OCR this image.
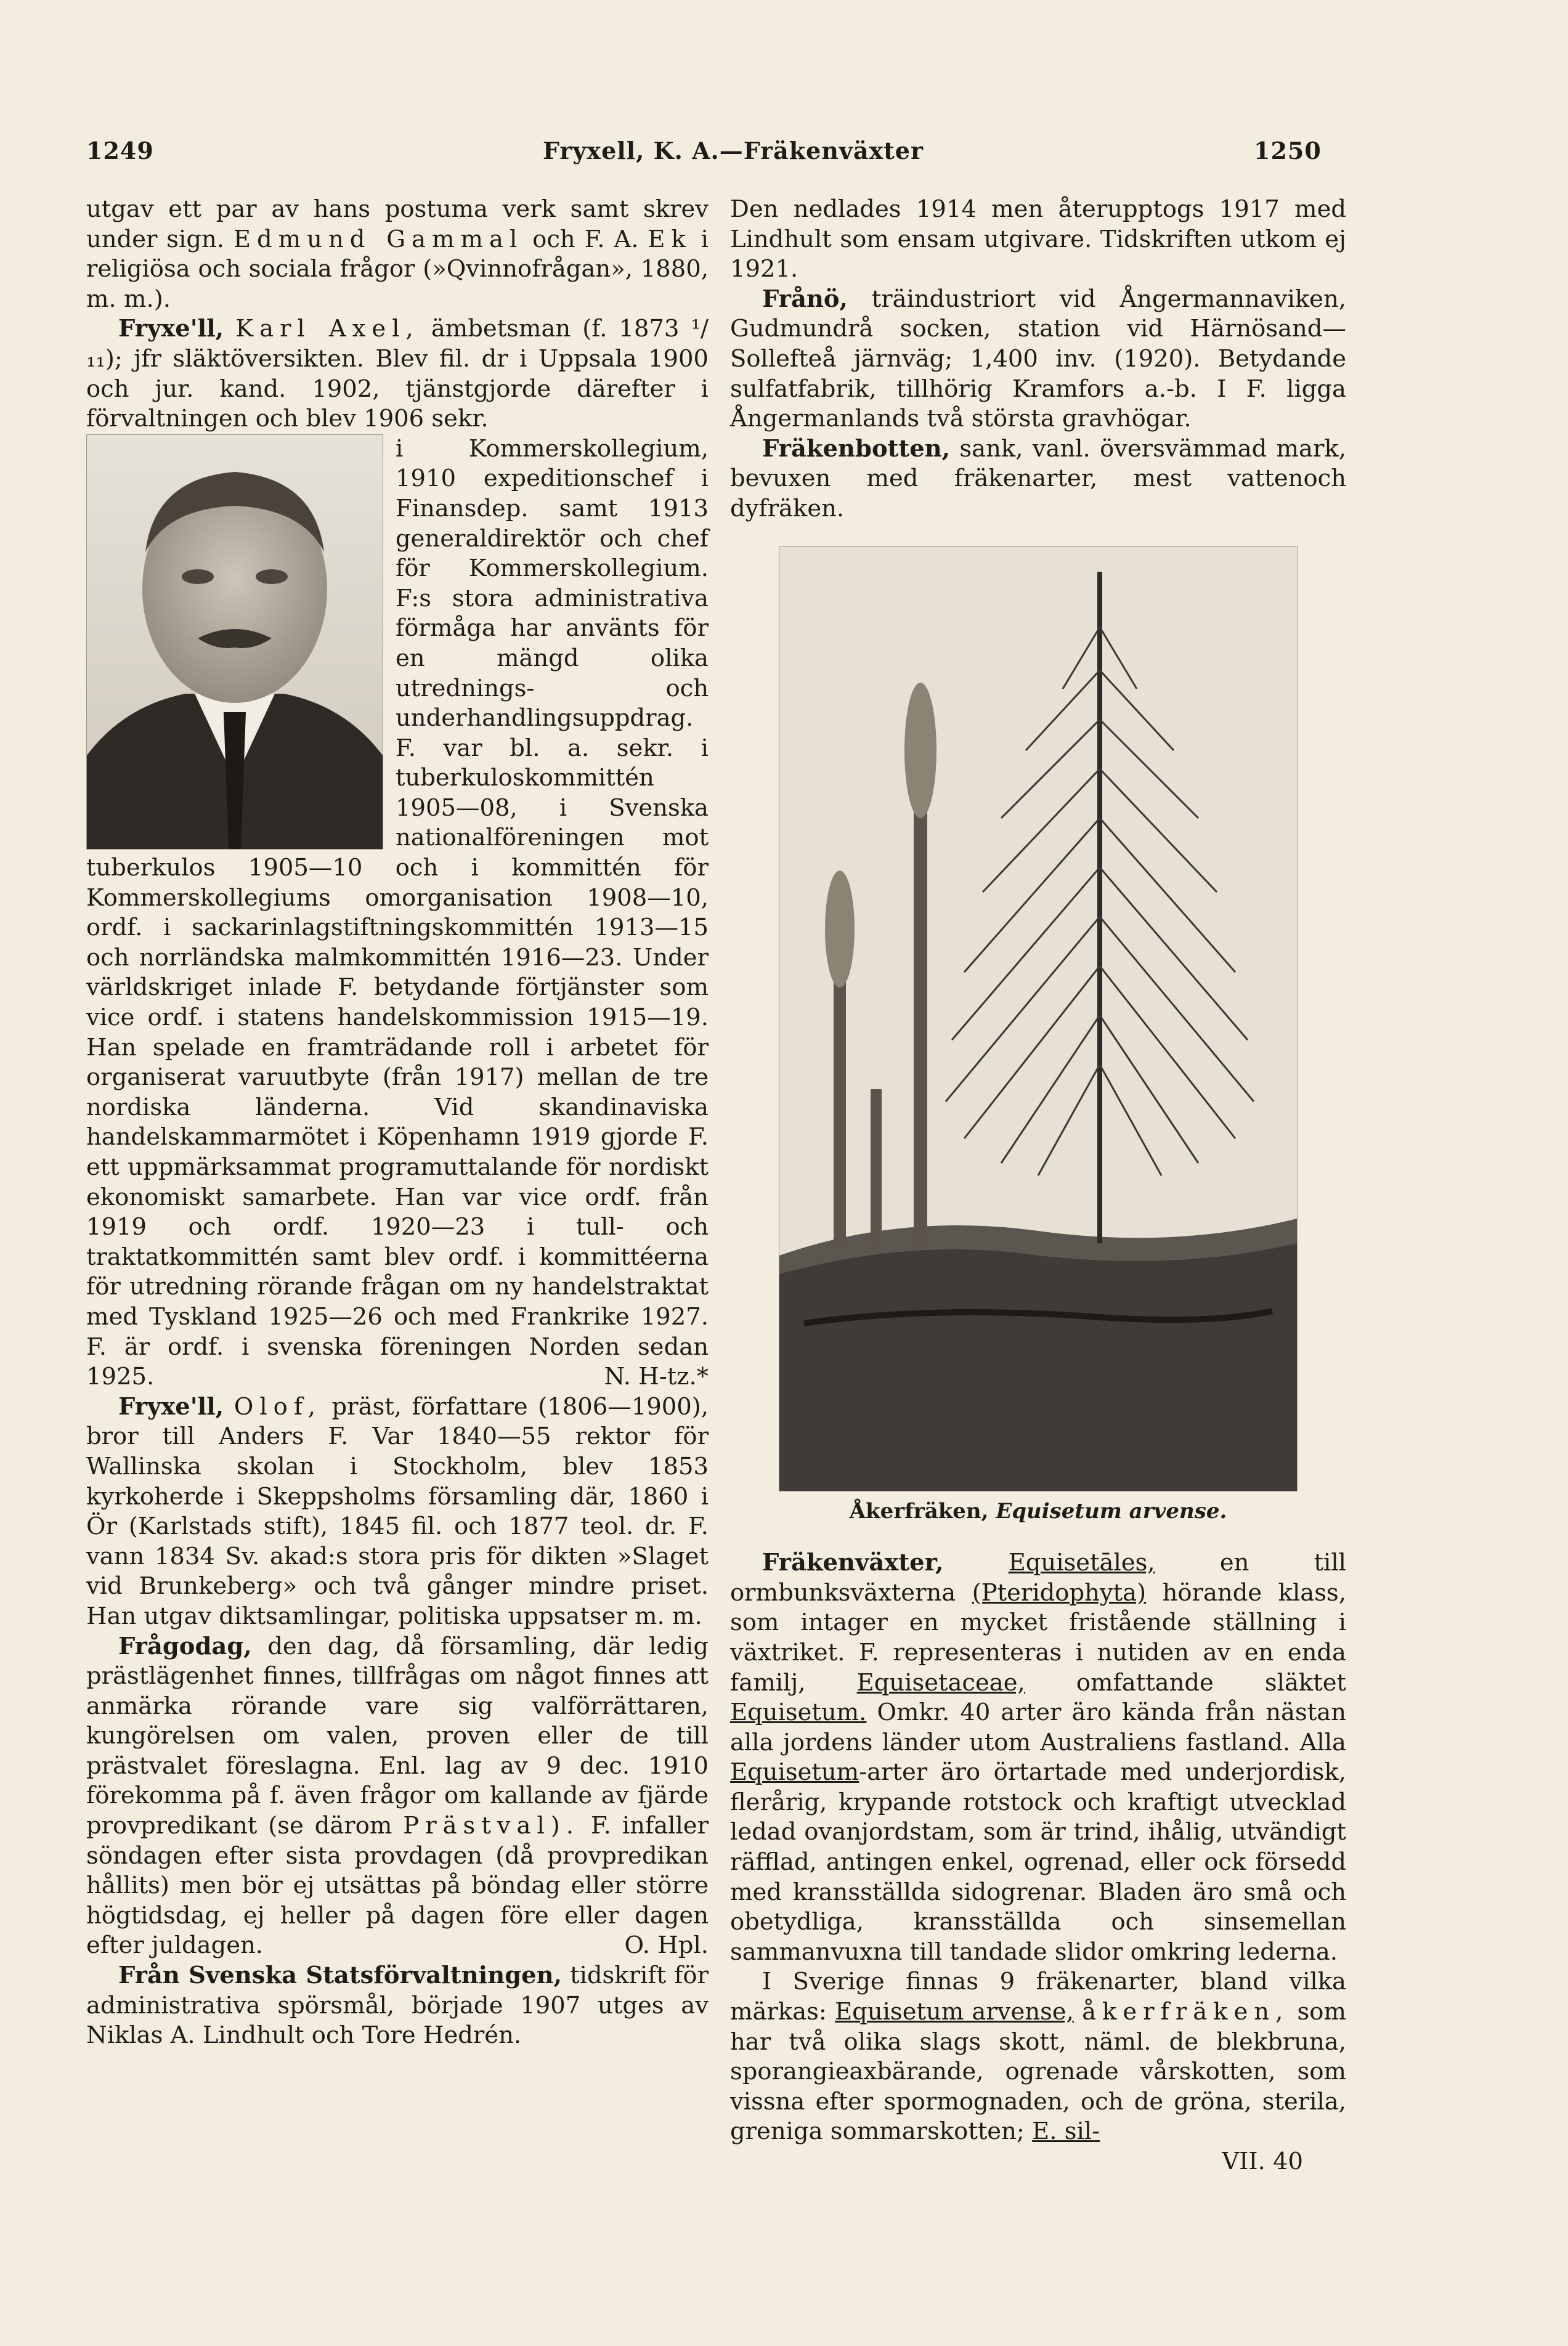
1249	Fryxell, K. A.—Fräkenväxter	1250

utgav ett par av hans postuma verk samt skrev under sign. Edmund Gammal och F. A. Ek i religiösa och sociala frågor (»Qvinnofrågan», 1880, m. m.).

Fryxe'll, Karl Axel, ämbetsman (f. 1873 ¹/₁₁); jfr släktöversikten. Blev fil. dr i Uppsala 1900 och jur. kand. 1902, tjänstgjorde därefter i förvaltningen och blev 1906 sekr.

i Kommerskollegium, 1910 expeditionschef i Finansdep. samt 1913 generaldirektör och chef för Kommerskollegium. F:s stora administrativa förmåga har använts för en mängd olika utrednings- och underhandlingsuppdrag. F. var bl. a. sekr. i tuberkuloskommittén 1905—08, i Svenska nationalföreningen mot tuberkulos 1905—10 och i kommittén för Kommerskollegiums omorganisation 1908—10, ordf. i sackarinlagstiftningskommittén 1913—15 och norrländska malmkommittén 1916—23. Under världskriget inlade F. betydande förtjänster som vice ordf. i statens handelskommission 1915—19. Han spelade en framträdande roll i arbetet för organiserat varuutbyte (från 1917) mellan de tre nordiska länderna. Vid skandinaviska handelskammarmötet i Köpenhamn 1919 gjorde F. ett uppmärksammat programuttalande för nordiskt ekonomiskt samarbete. Han var vice ordf. från 1919 och ordf. 1920—23 i tull- och traktatkommittén samt blev ordf. i kommittéerna för utredning rörande frågan om ny handelstraktat med Tyskland 1925—26 och med Frankrike 1927. F. är ordf. i svenska föreningen Norden sedan 1925.	N. H-tz.*

Fryxe'll, Olof, präst, författare (1806—1900), bror till Anders F. Var 1840—55 rektor för Wallinska skolan i Stockholm, blev 1853 kyrkoherde i Skeppsholms församling där, 1860 i Ör (Karlstads stift), 1845 fil. och 1877 teol. dr. F. vann 1834 Sv. akad:s stora pris för dikten »Slaget vid Brunkeberg» och två gånger mindre priset. Han utgav diktsamlingar, politiska uppsatser m. m.

Frågodag, den dag, då församling, där ledig prästlägenhet finnes, tillfrågas om något finnes att anmärka rörande vare sig valförrättaren, kungörelsen om valen, proven eller de till prästvalet föreslagna. Enl. lag av 9 dec. 1910 förekomma på f. även frågor om kallande av fjärde provpredikant (se därom Prästval). F. infaller söndagen efter sista provdagen (då provpredikan hållits) men bör ej utsättas på böndag eller större högtidsdag, ej heller på dagen före eller dagen efter juldagen.	O. Hpl.

Från Svenska Statsförvaltningen, tidskrift för administrativa spörsmål, började 1907 utges av Niklas A. Lindhult och Tore Hedrén.

Den nedlades 1914 men återupptogs 1917 med Lindhult som ensam utgivare. Tidskriften utkom ej 1921.

Frånö, träindustriort vid Ångermannaviken, Gudmundrå socken, station vid Härnösand—Sollefteå järnväg; 1,400 inv. (1920). Betydande sulfatfabrik, tillhörig Kramfors a.-b. I F. ligga Ångermanlands två största gravhögar.

Fräkenbotten, sank, vanl. översvämmad mark, bevuxen med fräkenarter, mest vattenoch dyfräken.

Åkerfräken, Equisetum arvense.

Fräkenväxter,	Equisetāles,	en till ormbunksväxterna (Pteridophyta) hörande klass, som intager en mycket fristående ställning i växtriket. F. representeras i nutiden av en enda familj, Equisetaceae, omfattande släktet Equisetum. Omkr. 40 arter äro kända från nästan alla jordens länder utom Australiens fastland. Alla Equisetum-arter äro örtartade med underjordisk, flerårig, krypande rotstock och kraftigt utvecklad ledad ovanjordstam, som är trind, ihålig, utvändigt räfflad, antingen enkel, ogrenad, eller ock försedd med kransställda sidogrenar. Bladen äro små och obetydliga, kransställda och sinsemellan sammanvuxna till tandade slidor omkring lederna.

I Sverige finnas 9 fräkenarter, bland vilka märkas: Equisetum arvense, åkerfräken, som har två olika slags skott, näml. de blekbruna, sporangieaxbärande, ogrenade vårskotten, som vissna efter spormognaden, och de gröna, sterila, greniga sommarskotten; E. sil-

VII. 40
